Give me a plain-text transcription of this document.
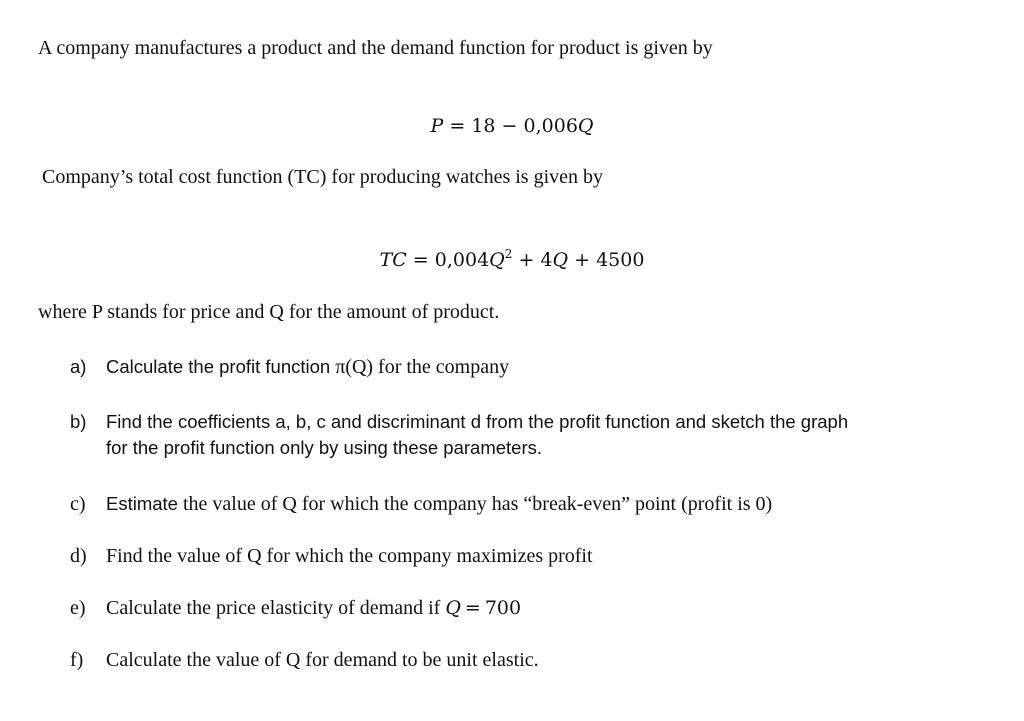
A company manufactures a product and the demand function for product is given by
P = 18 − 0,006Q
Company’s total cost function (TC) for producing watches is given by
TC = $0,004Q^2 + 4Q + 4500$
where P stands for price and Q for the amount of product.
a)	Calculate the profit function π(Q) for the company
b)	Find the coefficients a, b, c and discriminant d from the profit function and sketch the graph
for the profit function only by using these parameters.
c)	Estimate the value of Q for which the company has “break-even” point (profit is 0)
d) Find the value of Q for which the company maximizes profit
e)	Calculate the price elasticity of demand if Q = 700
f)	Calculate the value of Q for demand to be unit elastic.
